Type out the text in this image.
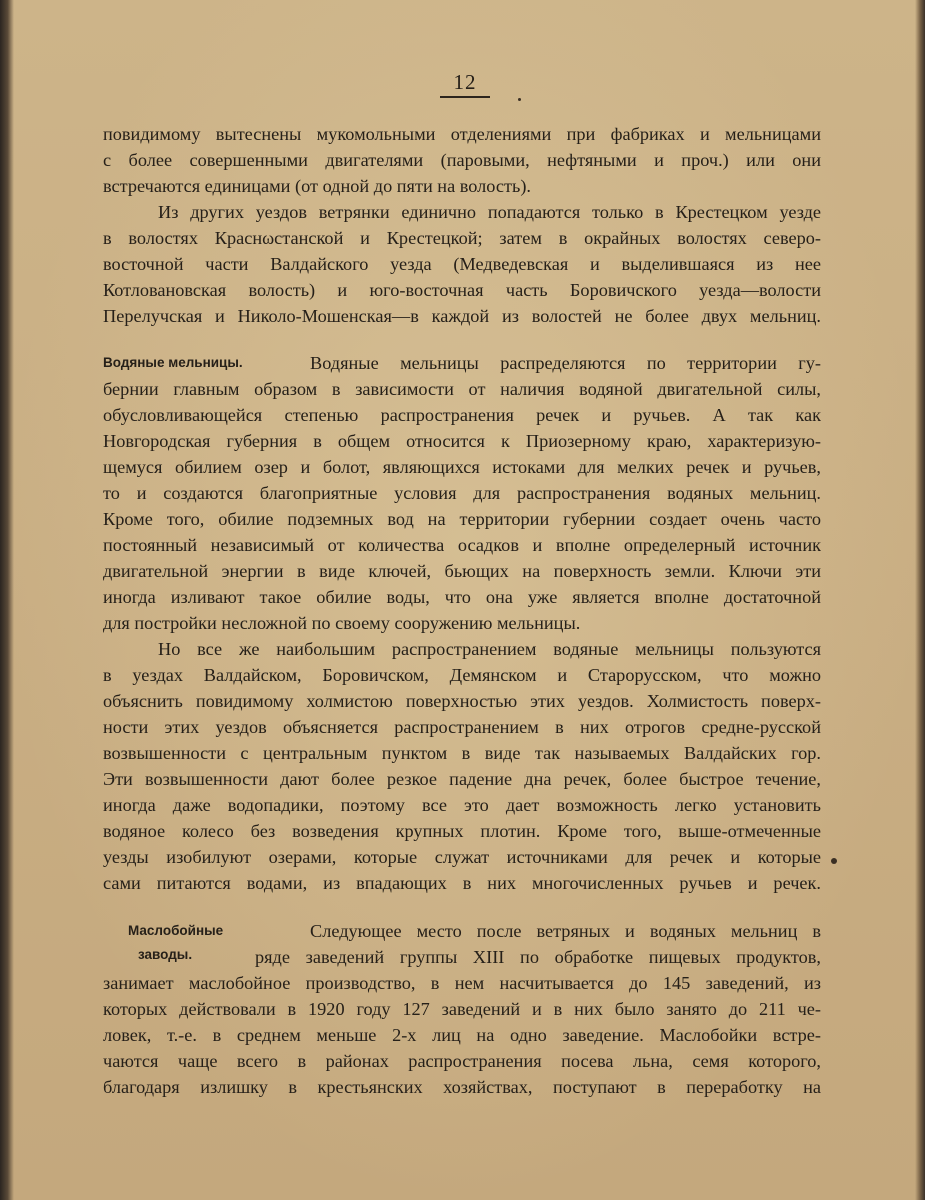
12
повидимому вытеснены мукомольными отделениями при фабриках и мельницами
с более совершенными двигателями (паровыми, нефтяными и проч.) или они
встречаются единицами (от одной до пяти на волость).
Из других уездов ветрянки единично попадаются только в Крестецком уезде
в волостях Краснωстанской и Крестецкой; затем в окрайных волостях северо-
восточной части Валдайского уезда (Медведевская и выделившаяся из нее
Котлованoвская волость) и юго-восточная часть Боровичского уезда—волости
Перелучская и Николо-Мошенская—в каждой из волостей не более двух мельниц.
Водяные мельницы.	Водяные мельницы распределяются по территории гу-
бернии главным образом в зависимости от наличия водяной двигательной силы,
обусловливающейся степенью распространения речек и ручьев. А так как
Новгородская губерния в общем относится к Приозерному краю, характеризую-
щемуся обилием озер и болот, являющихся истоками для мелких речек и ручьев,
то и создаются благоприятные условия для распространения водяных мельниц.
Кроме того, обилие подземных вод на территории губернии создает очень часто
постоянный независимый от количества осадков и вполне определерный источник
двигательной энергии в виде ключей, бьющих на поверхность земли. Ключи эти
иногда изливают такое обилие воды, что она уже является вполне достаточной
для постройки несложной по своему сооружению мельницы.
Но все же наибольшим распространением водяные мельницы пользуются
в уездах Валдайском, Боровичском, Демянском и Старорусском, что можно
объяснить повидимому холмистою поверхностью этих уездов. Холмистость поверх-
ности этих уездов объясняется распространением в них отрогов средне-русской
возвышенности с центральным пунктом в виде так называемых Валдайских гор.
Эти возвышенности дают более резкое падение дна речек, более быстрое течение,
иногда даже водопадики, поэтому все это дает возможность легко установить
водяное колесо без возведения крупных плотин. Кроме того, выше-отмеченные
уезды изобилуют озерами, которые служат источниками для речек и которые
сами питаются водами, из впадающих в них многочисленных ручьев и речек.
Маслобойные
заводы.
Следующее место после ветряных и водяных мельниц в
ряде заведений группы XIII по обработке пищевых продуктов,
занимает маслобойное производство, в нем насчитывается до 145 заведений, из
которых действовали в 1920 году 127 заведений и в них было занято до 211 че-
ловек, т.-е. в среднем меньше 2-х лиц на одно заведение. Маслобойки встре-
чаются чаще всего в районах распространения посева льна, семя которого,
благодаря излишку в крестьянских хозяйствах, поступают в переработку на
